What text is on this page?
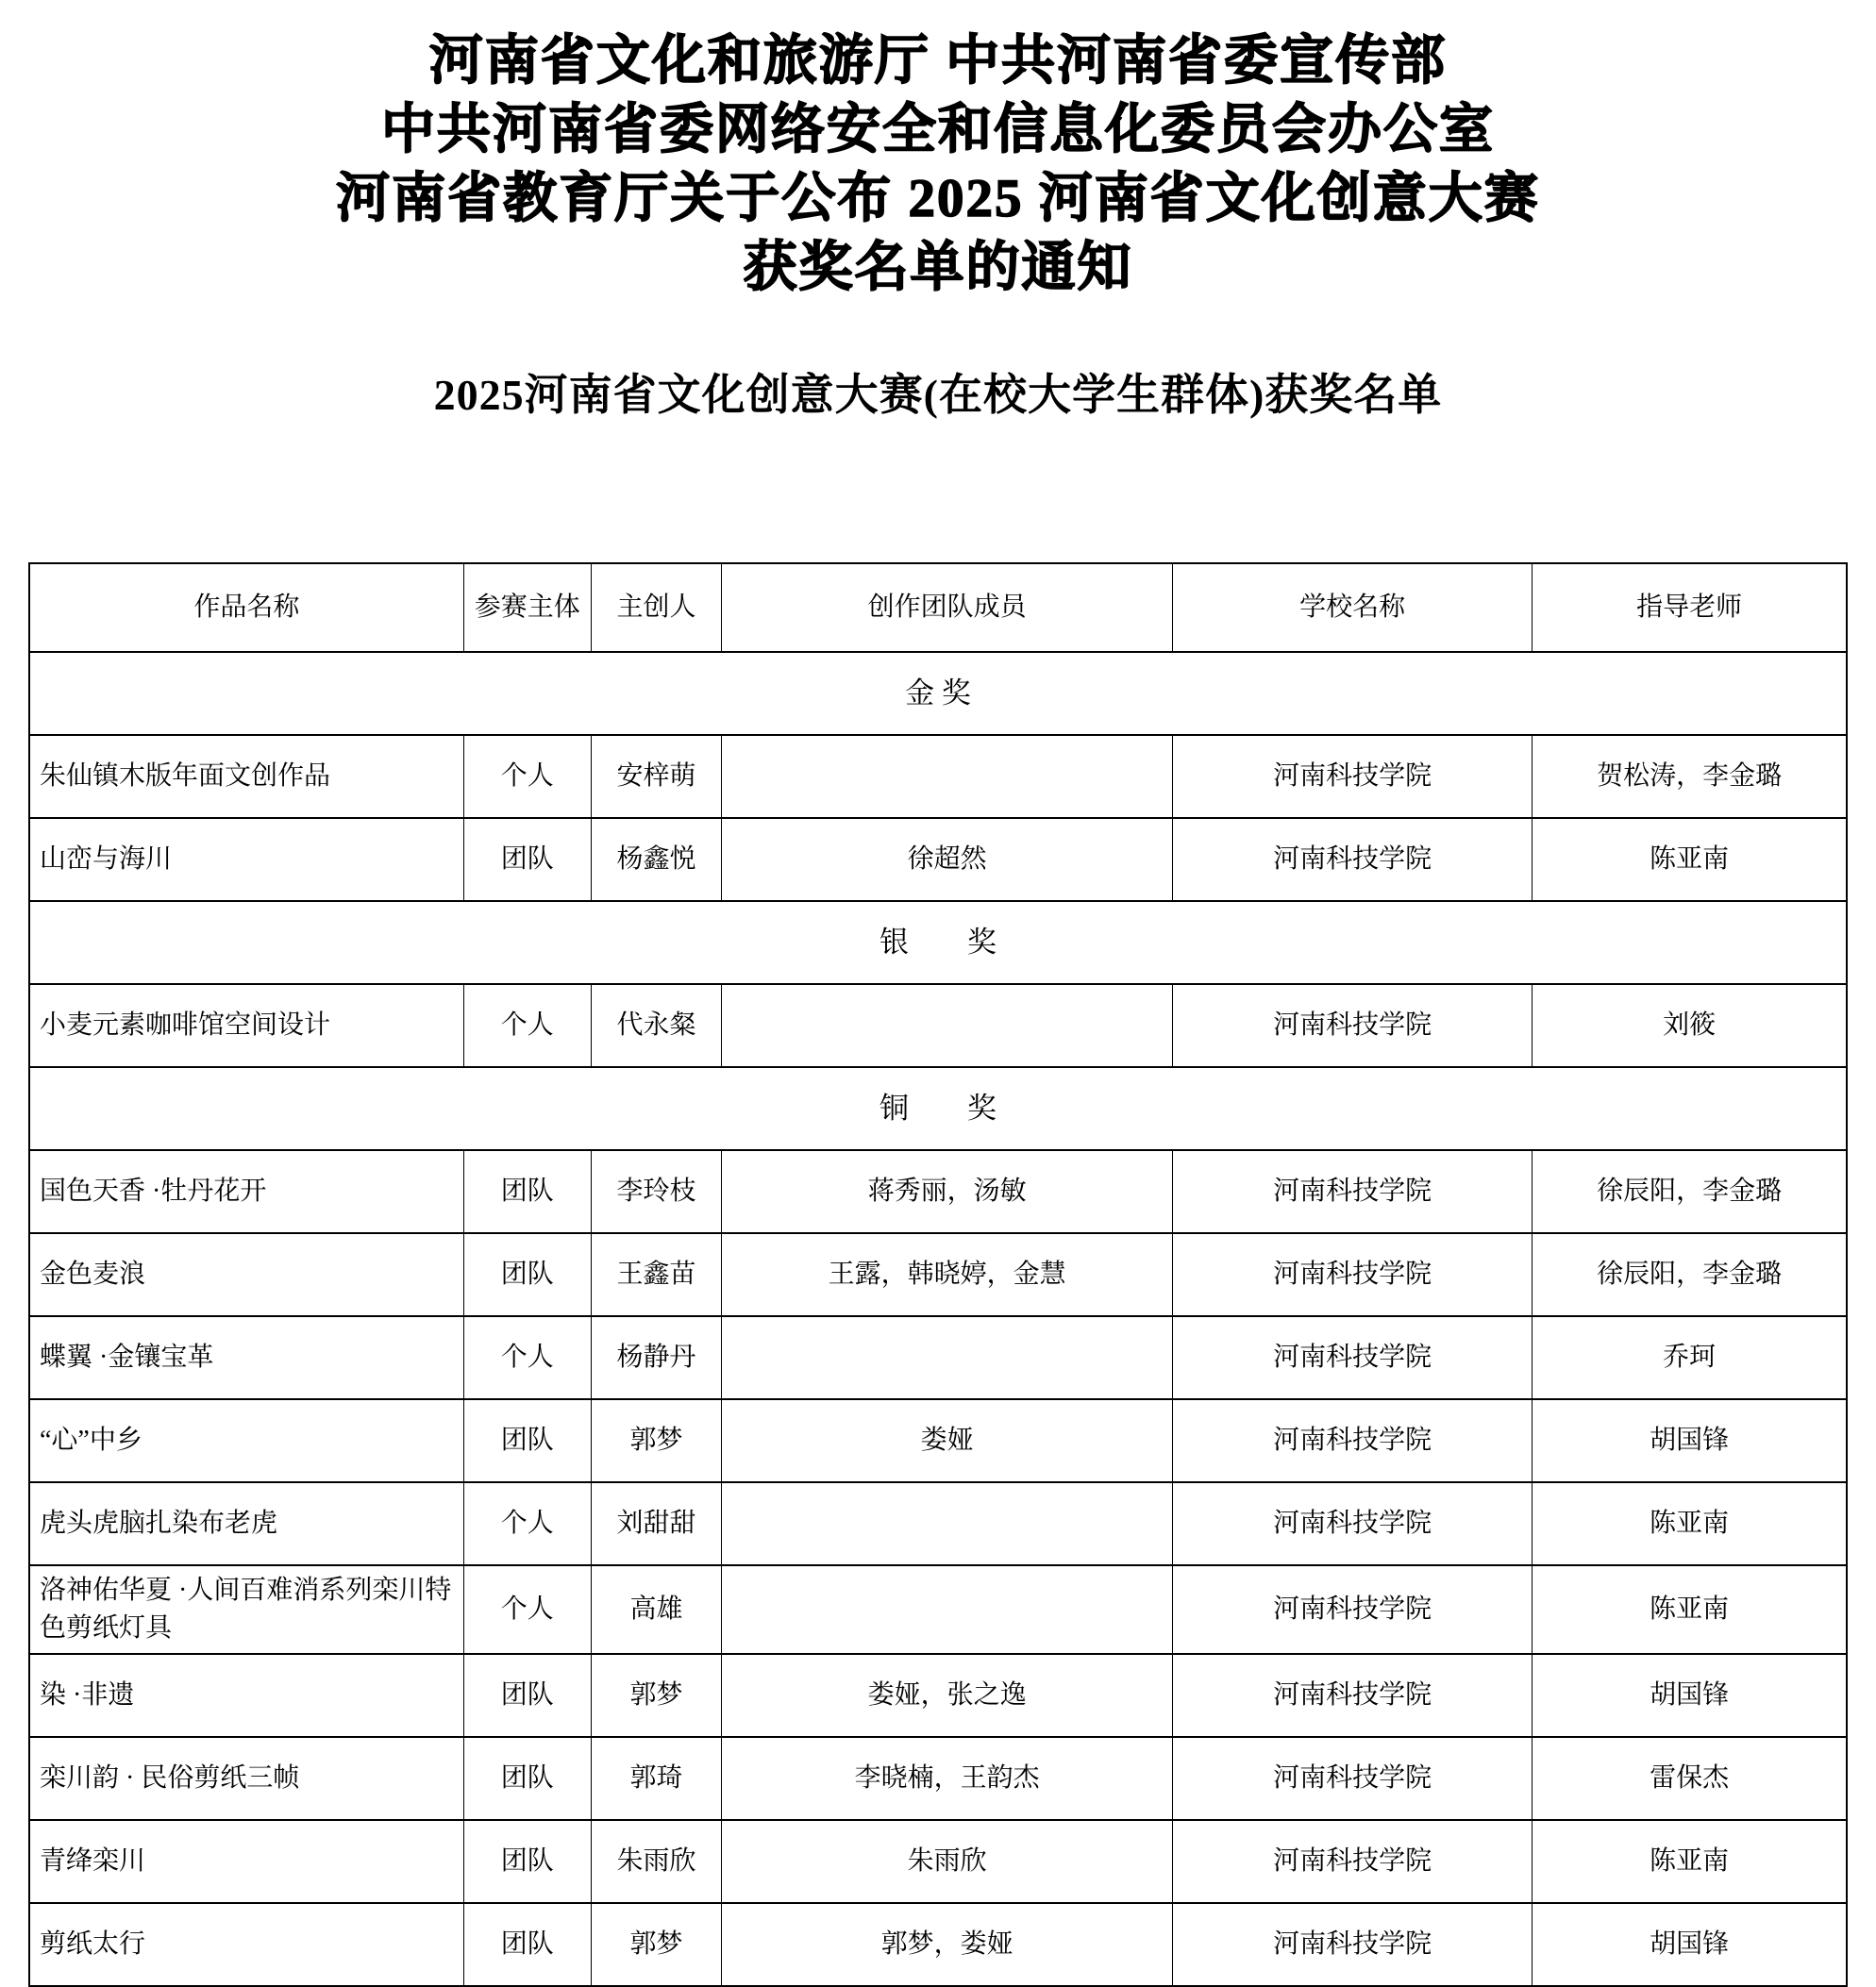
河南省文化和旅游厅 中共河南省委宣传部
中共河南省委网络安全和信息化委员会办公室
河南省教育厅关于公布 2025 河南省文化创意大赛
获奖名单的通知
2025河南省文化创意大赛(在校大学生群体)获奖名单
作品名称	参赛主体	主创人	创作团队成员	学校名称	指导老师
金 奖					
朱仙镇木版年面文创作品	个人	安梓萌		河南科技学院	贺松涛，李金璐
山峦与海川	团队	杨鑫悦	徐超然	河南科技学院	陈亚南
银　　奖					
小麦元素咖啡馆空间设计	个人	代永粲		河南科技学院	刘筱
铜　　奖					
国色天香 ·牡丹花开	团队	李玲枝	蒋秀丽，汤敏	河南科技学院	徐辰阳，李金璐
金色麦浪	团队	王鑫苗	王露，韩晓婷，金慧	河南科技学院	徐辰阳，李金璐
蝶翼 ·金镶宝革	个人	杨静丹		河南科技学院	乔珂
“心”中乡	团队	郭梦	娄娅	河南科技学院	胡国锋
虎头虎脑扎染布老虎	个人	刘甜甜		河南科技学院	陈亚南
洛神佑华夏 ·人间百难消系列栾川特色剪纸灯具	个人	高雄		河南科技学院	陈亚南
染 ·非遗	团队	郭梦	娄娅，张之逸	河南科技学院	胡国锋
栾川韵 · 民俗剪纸三帧	团队	郭琦	李晓楠，王韵杰	河南科技学院	雷保杰
青绛栾川	团队	朱雨欣	朱雨欣	河南科技学院	陈亚南
剪纸太行	团队	郭梦	郭梦，娄娅	河南科技学院	胡国锋
